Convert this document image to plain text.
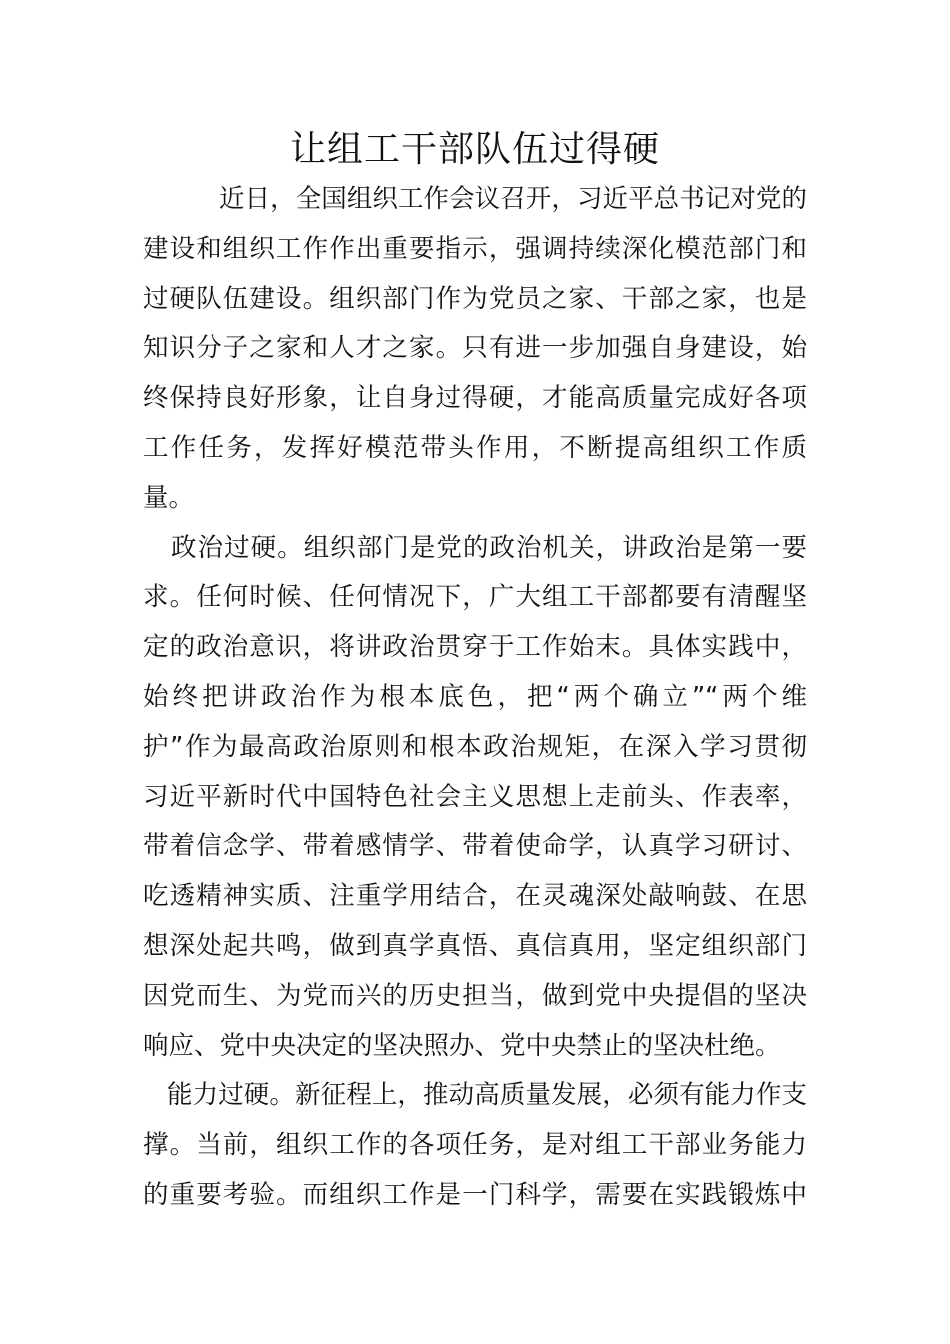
让组工干部队伍过得硬
近日，全国组织工作会议召开，习近平总书记对党的
建设和组织工作作出重要指示，强调持续深化模范部门和
过硬队伍建设。组织部门作为党员之家、干部之家，也是
知识分子之家和人才之家。只有进一步加强自身建设，始
终保持良好形象，让自身过得硬，才能高质量完成好各项
工作任务，发挥好模范带头作用，不断提高组织工作质
量。
政治过硬。组织部门是党的政治机关，讲政治是第一要
求。任何时候、任何情况下，广大组工干部都要有清醒坚
定的政治意识，将讲政治贯穿于工作始末。具体实践中，
始终把讲政治作为根本底色，把“两个确立”“两个维
护”作为最高政治原则和根本政治规矩，在深入学习贯彻
习近平新时代中国特色社会主义思想上走前头、作表率，
带着信念学、带着感情学、带着使命学，认真学习研讨、
吃透精神实质、注重学用结合，在灵魂深处敲响鼓、在思
想深处起共鸣，做到真学真悟、真信真用，坚定组织部门
因党而生、为党而兴的历史担当，做到党中央提倡的坚决
响应、党中央决定的坚决照办、党中央禁止的坚决杜绝。
能力过硬。新征程上，推动高质量发展，必须有能力作支
撑。当前，组织工作的各项任务，是对组工干部业务能力
的重要考验。而组织工作是一门科学，需要在实践锻炼中
